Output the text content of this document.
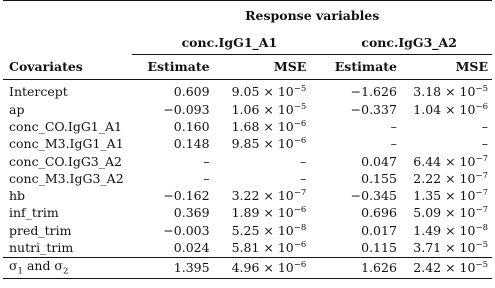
	Response variables			
	conc.IgG1_A1		conc.IgG3_A2	
Covariates	Estimate	MSE	Estimate	MSE
Intercept	0.609	$9.05 \times 10^{-5}$	−1.626	$3.18 \times 10^{-5}$
ap	−0.093	$1.06 \times 10^{-5}$	−0.337	$1.04 \times 10^{-6}$
conc_CO.IgG1_A1	0.160	$1.68 \times 10^{-6}$	–	–
conc_M3.IgG1_A1	0.148	$9.85 \times 10^{-6}$	–	–
conc_CO.IgG3_A2	–	–	0.047	$6.44 \times 10^{-7}$
conc_M3.IgG3_A2	–	–	0.155	$2.22 \times 10^{-7}$
hb	−0.162	$3.22 \times 10^{-7}$	−0.345	$1.35 \times 10^{-7}$
inf_trim	0.369	$1.89 \times 10^{-6}$	0.696	$5.09 \times 10^{-7}$
pred_trim	−0.003	$5.25 \times 10^{-8}$	0.017	$1.49 \times 10^{-8}$
nutri_trim	0.024	$5.81 \times 10^{-6}$	0.115	$3.71 \times 10^{-5}$
$\sigma_1$ and $\sigma_2$	1.395	$4.96 \times 10^{-6}$	1.626	$2.42 \times 10^{-5}$
